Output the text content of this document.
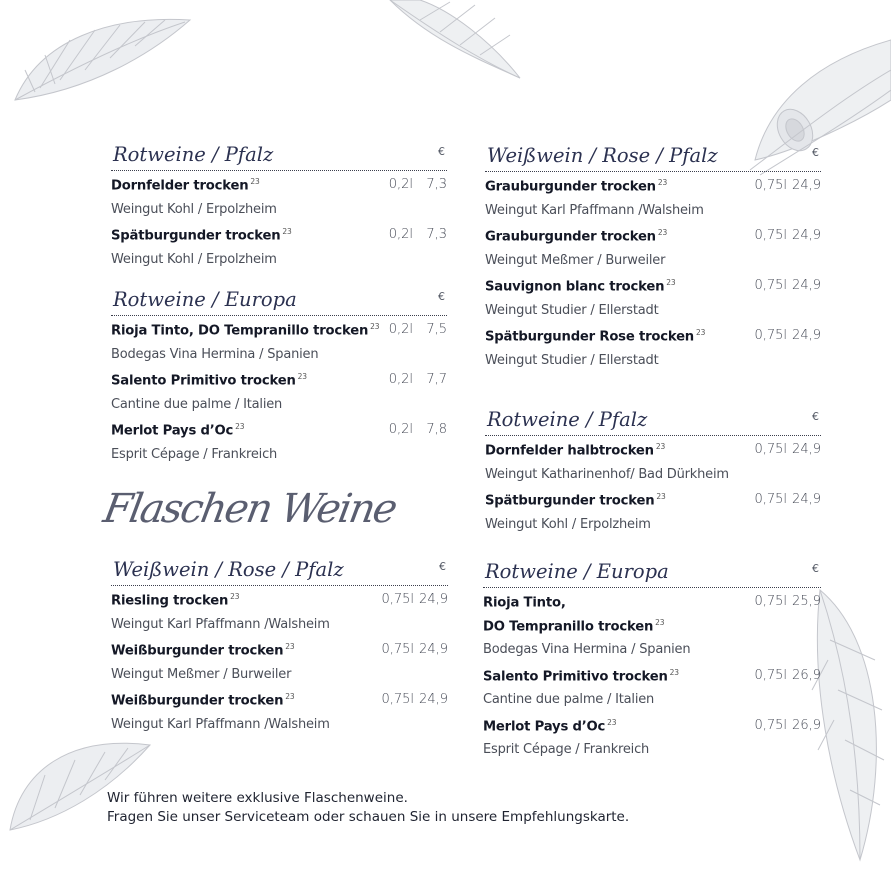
Rotweine / Pfalz	€
Dornfelder trocken $^{23}$	0,2l 7,3
Weingut Kohl / Erpolzheim
Spätburgunder trocken $^{23}$	0,2l 7,3
Weingut Kohl / Erpolzheim
Rotweine / Europa	€
Rioja Tinto, DO Tempranillo trocken $^{23}$ 0,2l 7,5
Bodegas Vina Hermina / Spanien
Salento Primitivo trocken $^{23}$	0,2l 7,7
Cantine due palme / Italien
Merlot Pays d’Oc $^{23}$	0,2l 7,8
Esprit Cépage / Frankreich
Flaschen Weine
Weißwein / Rose / Pfalz	€
Riesling trocken $^{23}$	0,75l 24,9
Weingut Karl Pfaffmann /Walsheim
Weißburgunder trocken $^{23}$	0,75l 24,9
Weingut Meßmer / Burweiler
Weißburgunder trocken $^{23}$	0,75l 24,9
Weingut Karl Pfaffmann /Walsheim
Weißwein / Rose / Pfalz	€
Grauburgunder trocken $^{23}$	0,75l 24,9
Weingut Karl Pfaffmann /Walsheim
Grauburgunder trocken $^{23}$	0,75l 24,9
Weingut Meßmer / Burweiler
Sauvignon blanc trocken $^{23}$	0,75l 24,9
Weingut Studier / Ellerstadt
Spätburgunder Rose trocken $^{23}$	0,75l 24,9
Weingut Studier / Ellerstadt
Rotweine / Pfalz	€
Dornfelder halbtrocken $^{23}$	0,75l 24,9
Weingut Katharinenhof/ Bad Dürkheim
Spätburgunder trocken $^{23}$	0,75l 24,9
Weingut Kohl / Erpolzheim
Rotweine / Europa	€
Rioja Tinto,	0,75l 25,9
DO Tempranillo trocken $^{23}$
Bodegas Vina Hermina / Spanien
Salento Primitivo trocken $^{23}$	0,75l 26,9
Cantine due palme / Italien
Merlot Pays d’Oc $^{23}$	0,75l 26,9
Esprit Cépage / Frankreich
Wir führen weitere exklusive Flaschenweine.
Fragen Sie unser Serviceteam oder schauen Sie in unsere Empfehlungskarte.
